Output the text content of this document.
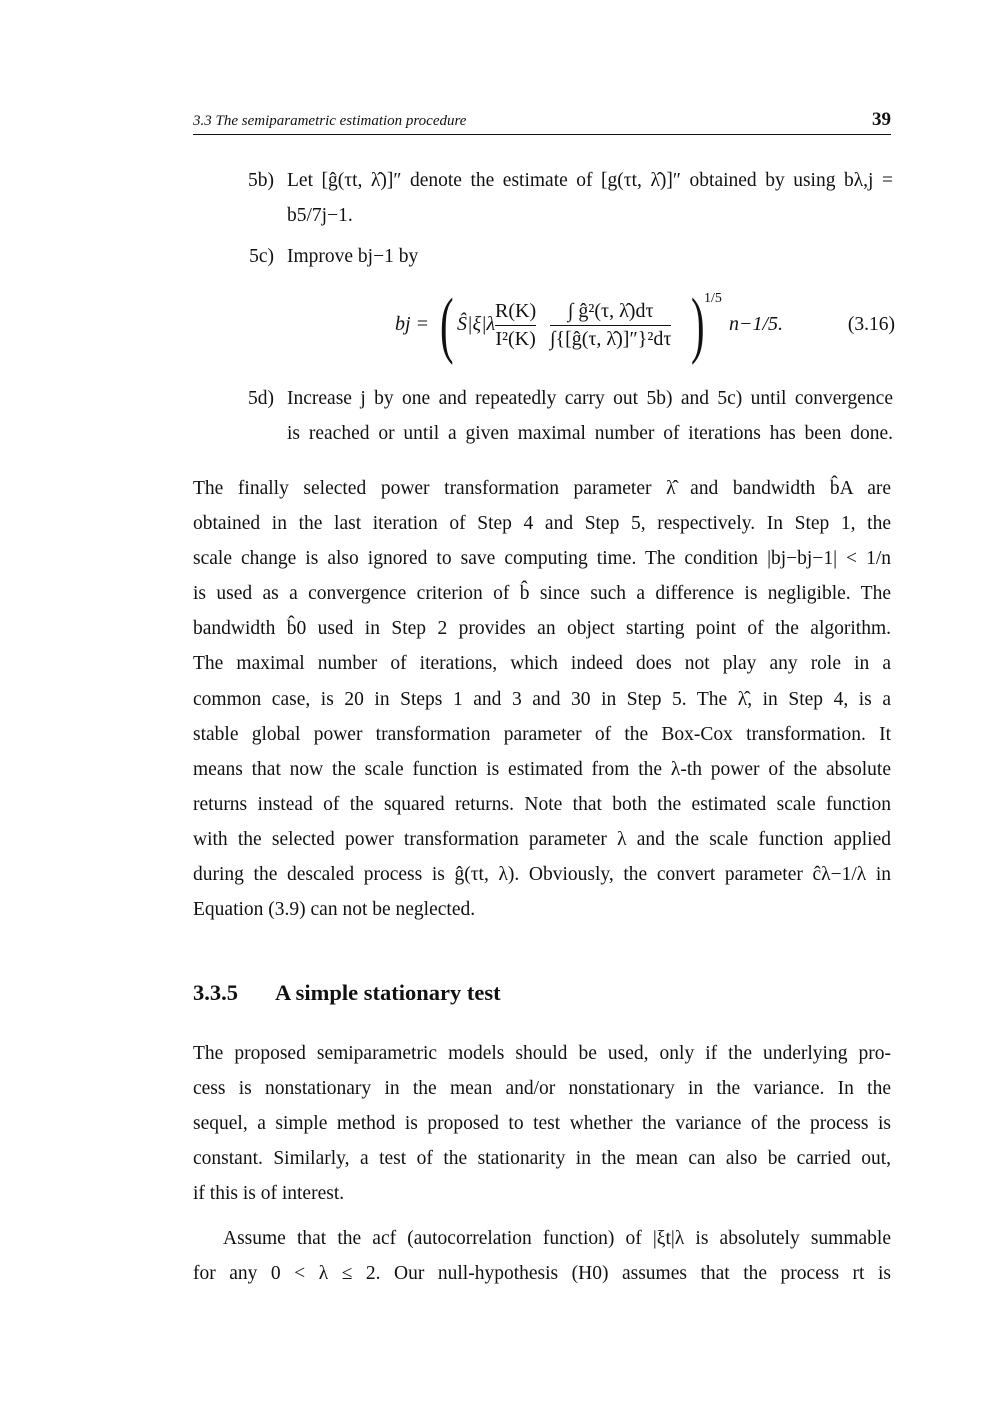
3.3 The semiparametric estimation procedure	39
5b) Let [ĝ(τt, λ̂)]″ denote the estimate of [g(τt, λ̂)]″ obtained by using bλ,j =
b5/7j−1.
5c) Improve bj−1 by
bj = ( Ŝ|ξ|λ $\frac{R(K)}{\text{I²(K)}} \frac{\text{∫ ĝ²(τ, λ̂)dτ}}{\text{∫\{[ĝ(τ, λ̂)]″\}²dτ}}$ ) 1/5
n−1/5.	(3.16)
5d) Increase j by one and repeatedly carry out 5b) and 5c) until convergence
is reached or until a given maximal number of iterations has been done.
The finally selected power transformation parameter λ̂ and bandwidth b̂A are
obtained in the last iteration of Step 4 and Step 5, respectively. In Step 1, the
scale change is also ignored to save computing time. The condition |bj−bj−1| < 1/n
is used as a convergence criterion of b̂ since such a difference is negligible. The
bandwidth b̂0 used in Step 2 provides an object starting point of the algorithm.
The maximal number of iterations, which indeed does not play any role in a
common case, is 20 in Steps 1 and 3 and 30 in Step 5. The λ̂, in Step 4, is a
stable global power transformation parameter of the Box-Cox transformation. It
means that now the scale function is estimated from the λ-th power of the absolute
returns instead of the squared returns. Note that both the estimated scale function
with the selected power transformation parameter λ and the scale function applied
during the descaled process is ĝ(τt, λ). Obviously, the convert parameter ĉλ−1/λ in
Equation (3.9) can not be neglected.
3.3.5 A simple stationary test
The proposed semiparametric models should be used, only if the underlying pro-
cess is nonstationary in the mean and/or nonstationary in the variance. In the
sequel, a simple method is proposed to test whether the variance of the process is
constant. Similarly, a test of the stationarity in the mean can also be carried out,
if this is of interest.
Assume that the acf (autocorrelation function) of |ξt|λ is absolutely summable
for any 0 < λ ≤ 2. Our null-hypothesis (H0) assumes that the process rt is
